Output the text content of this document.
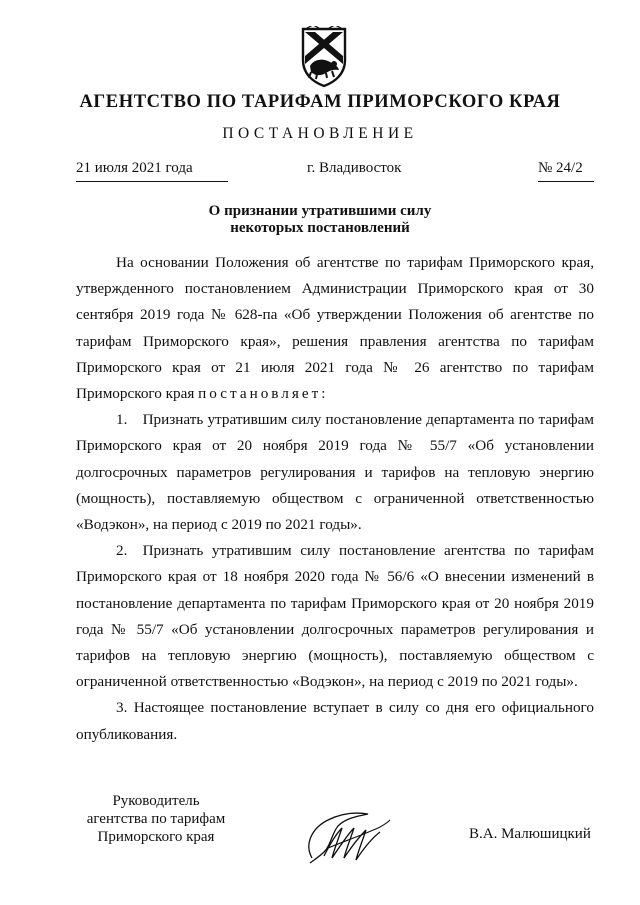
АГЕНТСТВО ПО ТАРИФАМ ПРИМОРСКОГО КРАЯ
ПОСТАНОВЛЕНИЕ
21 июля 2021 года	г. Владивосток	№ 24/2
О признании утратившими силу
некоторых постановлений

На основании Положения об агентстве по тарифам Приморского края, утвержденного постановлением Администрации Приморского края от 30 сентября 2019 года № 628-па «Об утверждении Положения об агентстве по тарифам Приморского края», решения правления агентства по тарифам Приморского края от 21 июля 2021 года № 26 агентство по тарифам Приморского края постановляет:

1. Признать утратившим силу постановление департамента по тарифам Приморского края от 20 ноября 2019 года № 55/7 «Об установлении долгосрочных параметров регулирования и тарифов на тепловую энергию (мощность), поставляемую обществом с ограниченной ответственностью «Водэкон», на период с 2019 по 2021 годы».

2. Признать утратившим силу постановление агентства по тарифам Приморского края от 18 ноября 2020 года № 56/6 «О внесении изменений в постановление департамента по тарифам Приморского края от 20 ноября 2019 года № 55/7 «Об установлении долгосрочных параметров регулирования и тарифов на тепловую энергию (мощность), поставляемую обществом с ограниченной ответственностью «Водэкон», на период с 2019 по 2021 годы».

3. Настоящее постановление вступает в силу со дня его официального опубликования.

Руководитель
агентства по тарифам
Приморского края	В.А. Малюшицкий
